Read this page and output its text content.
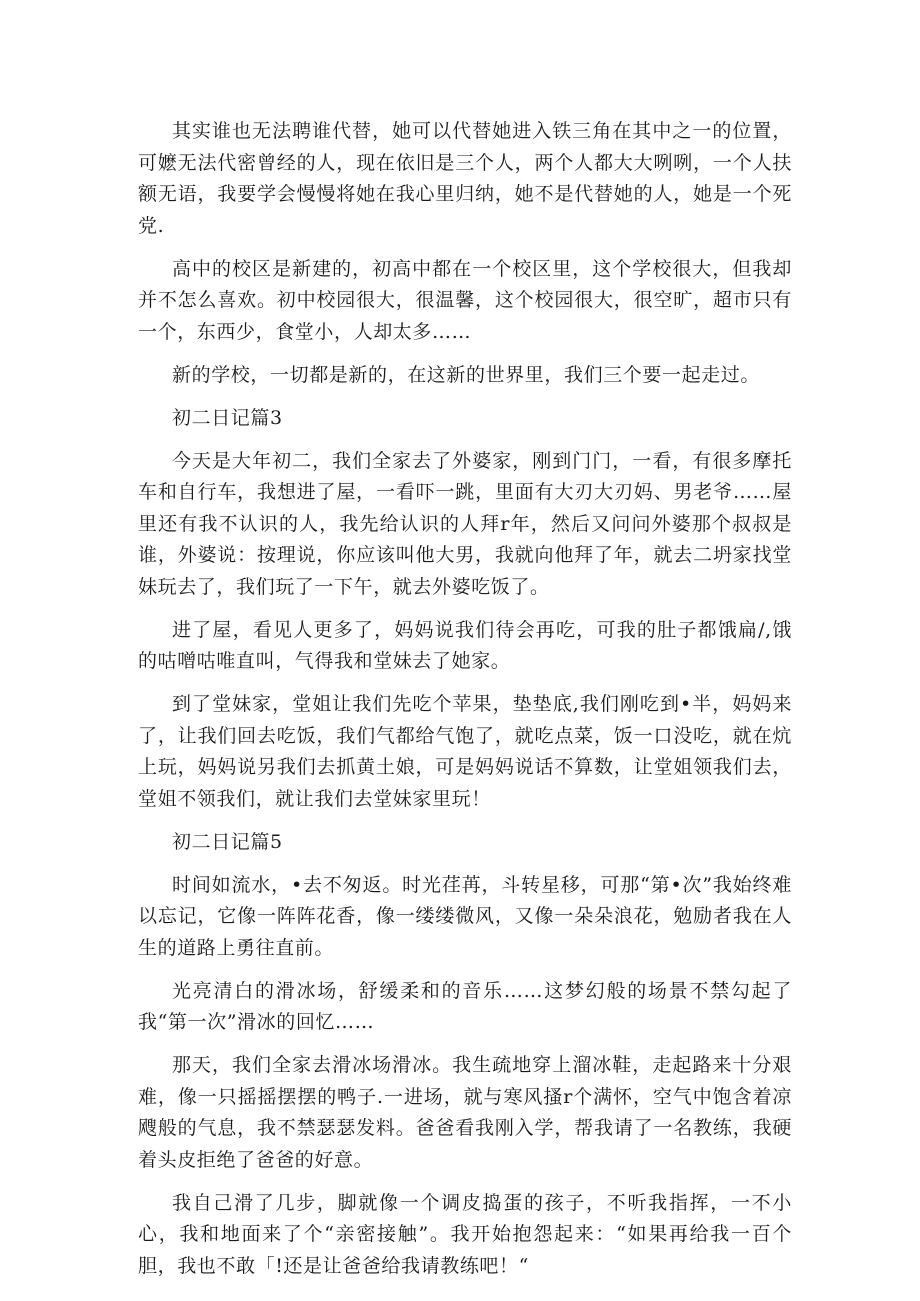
其实谁也无法聘谁代替，她可以代替她进入铁三角在其中之一的位置，可嬷无法代密曾经的人，现在依旧是三个人，两个人都大大咧咧，一个人扶额无语，我要学会慢慢将她在我心里归纳，她不是代替她的人，她是一个死党.

高中的校区是新建的，初高中都在一个校区里，这个学校很大，但我却并不怎么喜欢。初中校园很大，很温馨，这个校园很大，很空旷，超市只有一个，东西少，食堂小，人却太多……

新的学校，一切都是新的，在这新的世界里，我们三个要一起走过。

初二日记篇3

今天是大年初二，我们全家去了外婆家，刚到门门，一看，有很多摩托车和自行车，我想进了屋，一看吓一跳，里面有大刃大刃妈、男老爷……屋里还有我不认识的人，我先给认识的人拜r年，然后又问问外婆那个叔叔是谁，外婆说：按理说，你应该叫他大男，我就向他拜了年，就去二坍家找堂妹玩去了，我们玩了一下午，就去外婆吃饭了。

进了屋，看见人更多了，妈妈说我们待会再吃，可我的肚子都饿扁/,饿的咕噌咕唯直叫，气得我和堂妹去了她家。

到了堂妹家，堂姐让我们先吃个苹果，垫垫底,我们刚吃到•半，妈妈来了，让我们回去吃饭，我们气都给气饱了，就吃点菜，饭一口没吃，就在炕上玩，妈妈说另我们去抓黄土娘，可是妈妈说话不算数，让堂姐领我们去，堂姐不领我们，就让我们去堂妹家里玩！

初二日记篇5

时间如流水，•去不匆返。时光荏苒，斗转星移，可那“第•次”我始终难以忘记，它像一阵阵花香，像一缕缕微风，又像一朵朵浪花，勉励者我在人生的道路上勇往直前。

光亮清白的滑冰场，舒缓柔和的音乐……这梦幻般的场景不禁勾起了我“第一次”滑冰的回忆……

那天，我们全家去滑冰场滑冰。我生疏地穿上溜冰鞋，走起路来十分艰难，像一只摇摇摆摆的鸭子.一进场，就与寒风搔r个满怀，空气中饱含着凉飕般的气息，我不禁瑟瑟发料。爸爸看我刚入学，帮我请了一名教练，我硬着头皮拒绝了爸爸的好意。

我自己滑了几步，脚就像一个调皮捣蛋的孩子，不听我指挥，一不小心，我和地面来了个“亲密接触”。我开始抱怨起来：“如果再给我一百个胆，我也不敢「!还是让爸爸给我请教练吧！“
